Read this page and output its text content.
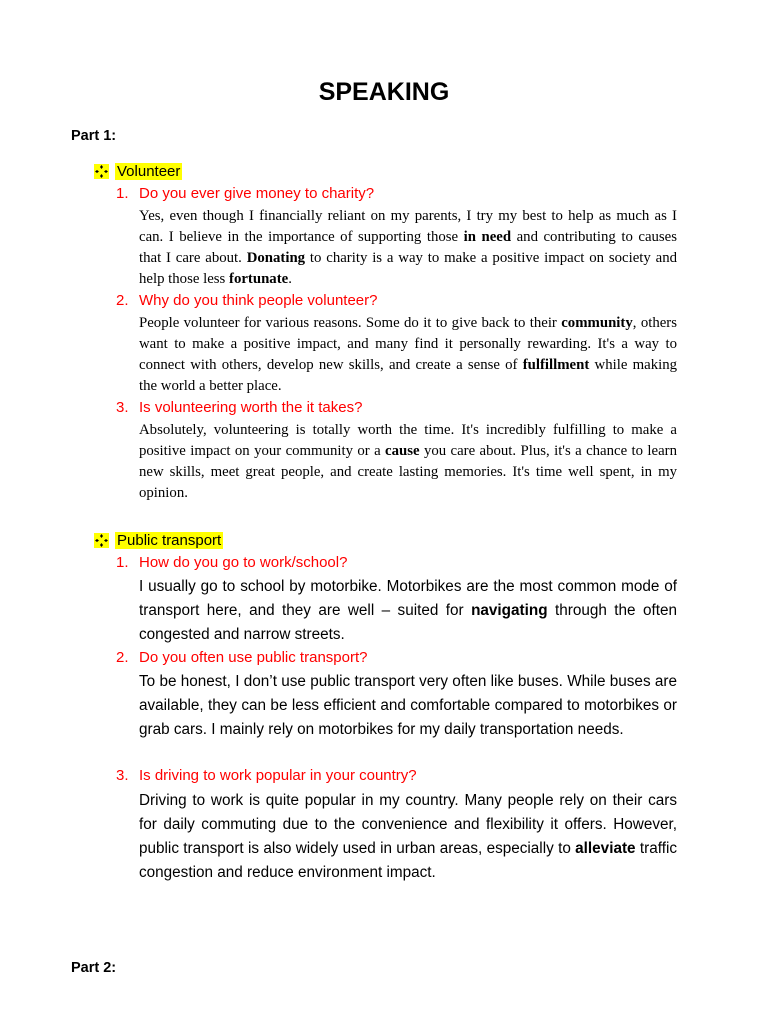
SPEAKING
Part 1:
Volunteer
1. Do you ever give money to charity?
Yes, even though I financially reliant on my parents, I try my best to help as much as I can. I believe in the importance of supporting those in need and contributing to causes that I care about. Donating to charity is a way to make a positive impact on society and help those less fortunate.
2. Why do you think people volunteer?
People volunteer for various reasons. Some do it to give back to their community, others want to make a positive impact, and many find it personally rewarding. It's a way to connect with others, develop new skills, and create a sense of fulfillment while making the world a better place.
3. Is volunteering worth the it takes?
Absolutely, volunteering is totally worth the time. It's incredibly fulfilling to make a positive impact on your community or a cause you care about. Plus, it's a chance to learn new skills, meet great people, and create lasting memories. It's time well spent, in my opinion.
Public transport
1. How do you go to work/school?
I usually go to school by motorbike. Motorbikes are the most common mode of transport here, and they are well – suited for navigating through the often congested and narrow streets.
2. Do you often use public transport?
To be honest, I don’t use public transport very often like buses. While buses are available, they can be less efficient and comfortable compared to motorbikes or grab cars. I mainly rely on motorbikes for my daily transportation needs.
3. Is driving to work popular in your country?
Driving to work is quite popular in my country. Many people rely on their cars for daily commuting due to the convenience and flexibility it offers. However, public transport is also widely used in urban areas, especially to alleviate traffic congestion and reduce environment impact.
Part 2:
